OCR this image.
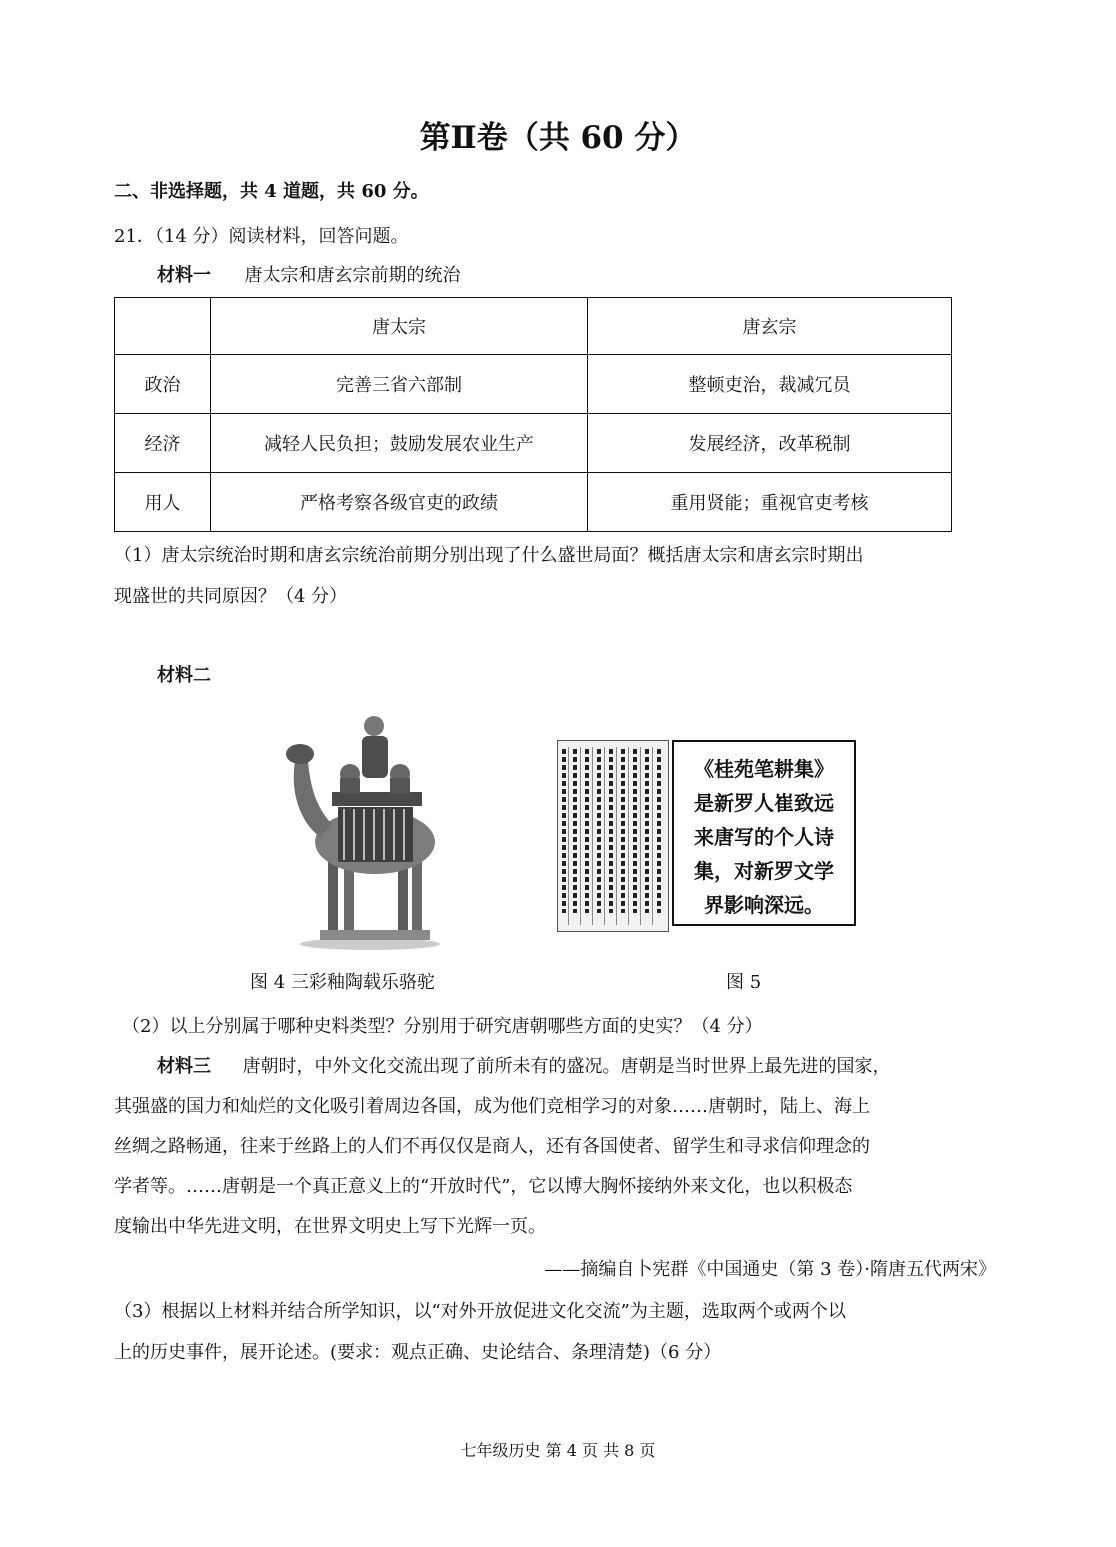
第Ⅱ卷（共 60 分）
二、非选择题，共 4 道题，共 60 分。
21．（14 分）阅读材料，回答问题。
材料一 唐太宗和唐玄宗前期的统治
	唐太宗	唐玄宗
政治	完善三省六部制	整顿吏治，裁减冗员
经济	减轻人民负担；鼓励发展农业生产	发展经济，改革税制
用人	严格考察各级官吏的政绩	重用贤能；重视官吏考核
（1）唐太宗统治时期和唐玄宗统治前期分别出现了什么盛世局面？概括唐太宗和唐玄宗时期出
现盛世的共同原因？（4 分）
材料二
图 4 三彩釉陶载乐骆驼
《桂苑笔耕集》
是新罗人崔致远
来唐写的个人诗
集，对新罗文学
界影响深远。
图 5
（2）以上分别属于哪种史料类型？分别用于研究唐朝哪些方面的史实？（4 分）
材料三 唐朝时，中外文化交流出现了前所未有的盛况。唐朝是当时世界上最先进的国家，
其强盛的国力和灿烂的文化吸引着周边各国，成为他们竞相学习的对象……唐朝时，陆上、海上
丝绸之路畅通，往来于丝路上的人们不再仅仅是商人，还有各国使者、留学生和寻求信仰理念的
学者等。……唐朝是一个真正意义上的“开放时代”，它以博大胸怀接纳外来文化，也以积极态
度输出中华先进文明，在世界文明史上写下光辉一页。
——摘编自卜宪群《中国通史（第 3 卷）·隋唐五代两宋》
（3）根据以上材料并结合所学知识，以“对外开放促进文化交流”为主题，选取两个或两个以
上的历史事件，展开论述。(要求：观点正确、史论结合、条理清楚)（6 分）
七年级历史 第 4 页 共 8 页
